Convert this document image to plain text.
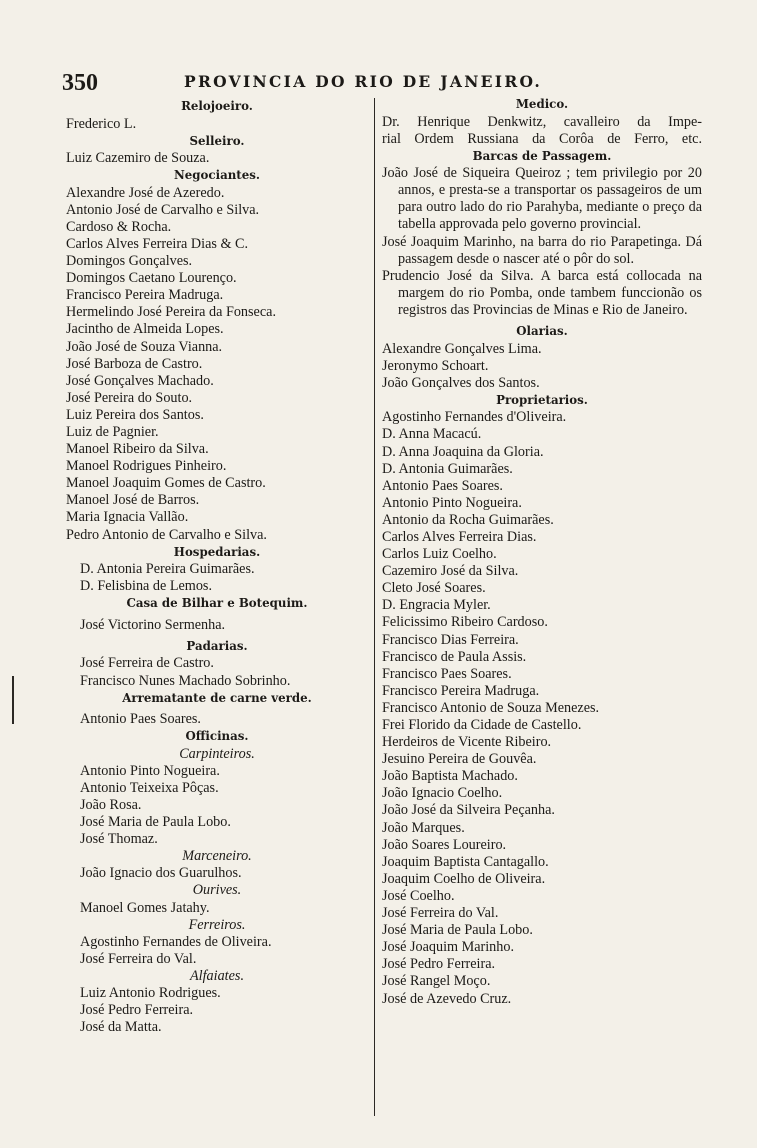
350	PROVINCIA DO RIO DE JANEIRO.
Relojoeiro.
Frederico L.
Selleiro.
Luiz Cazemiro de Souza.
Negociantes.
Alexandre José de Azeredo.
Antonio José de Carvalho e Silva.
Cardoso & Rocha.
Carlos Alves Ferreira Dias & C.
Domingos Gonçalves.
Domingos Caetano Lourenço.
Francisco Pereira Madruga.
Hermelindo José Pereira da Fonseca.
Jacintho de Almeida Lopes.
João José de Souza Vianna.
José Barboza de Castro.
José Gonçalves Machado.
José Pereira do Souto.
Luiz Pereira dos Santos.
Luiz de Pagnier.
Manoel Ribeiro da Silva.
Manoel Rodrigues Pinheiro.
Manoel Joaquim Gomes de Castro.
Manoel José de Barros.
Maria Ignacia Vallão.
Pedro Antonio de Carvalho e Silva.
Hospedarias.
D. Antonia Pereira Guimarães.
D. Felisbina de Lemos.
Casa de Bilhar e Botequim.
José Victorino Sermenha.
Padarias.
José Ferreira de Castro.
Francisco Nunes Machado Sobrinho.
Arrematante de carne verde.
Antonio Paes Soares.
Officinas.
Carpinteiros.
Antonio Pinto Nogueira.
Antonio Teixeixa Pôças.
João Rosa.
José Maria de Paula Lobo.
José Thomaz.
Marceneiro.
João Ignacio dos Guarulhos.
Ourives.
Manoel Gomes Jatahy.
Ferreiros.
Agostinho Fernandes de Oliveira.
José Ferreira do Val.
Alfaiates.
Luiz Antonio Rodrigues.
José Pedro Ferreira.
José da Matta.
Medico.
Dr. Henrique Denkwitz, cavalleiro da Impe-
rial Ordem Russiana da Corôa de Ferro, etc.
Barcas de Passagem.
João José de Siqueira Queiroz ; tem privilegio por 20 annos, e presta-se a transportar os passageiros de um para outro lado do rio Parahyba, mediante o preço da tabella approvada pelo governo provincial.
José Joaquim Marinho, na barra do rio Parapetinga. Dá passagem desde o nascer até o pôr do sol.
Prudencio José da Silva. A barca está collocada na margem do rio Pomba, onde tambem funccionão os registros das Provincias de Minas e Rio de Janeiro.
Olarias.
Alexandre Gonçalves Lima.
Jeronymo Schoart.
João Gonçalves dos Santos.
Proprietarios.
Agostinho Fernandes d'Oliveira.
D. Anna Macacú.
D. Anna Joaquina da Gloria.
D. Antonia Guimarães.
Antonio Paes Soares.
Antonio Pinto Nogueira.
Antonio da Rocha Guimarães.
Carlos Alves Ferreira Dias.
Carlos Luiz Coelho.
Cazemiro José da Silva.
Cleto José Soares.
D. Engracia Myler.
Felicissimo Ribeiro Cardoso.
Francisco Dias Ferreira.
Francisco de Paula Assis.
Francisco Paes Soares.
Francisco Pereira Madruga.
Francisco Antonio de Souza Menezes.
Frei Florido da Cidade de Castello.
Herdeiros de Vicente Ribeiro.
Jesuino Pereira de Gouvêa.
João Baptista Machado.
João Ignacio Coelho.
João José da Silveira Peçanha.
João Marques.
João Soares Loureiro.
Joaquim Baptista Cantagallo.
Joaquim Coelho de Oliveira.
José Coelho.
José Ferreira do Val.
José Maria de Paula Lobo.
José Joaquim Marinho.
José Pedro Ferreira.
José Rangel Moço.
José de Azevedo Cruz.
